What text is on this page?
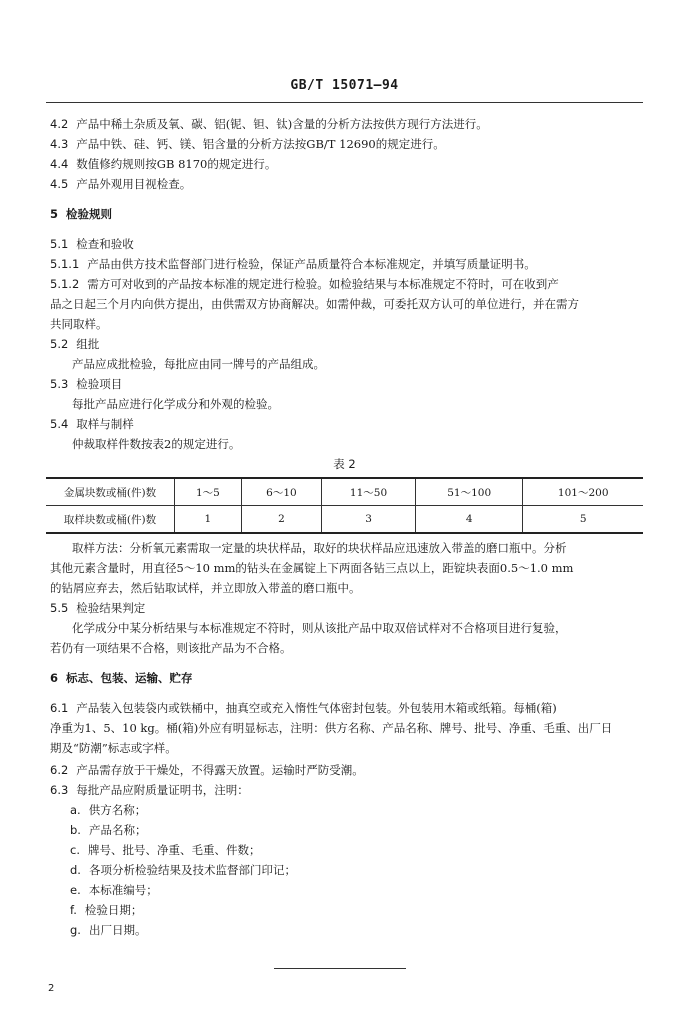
GB/T 15071—94
4.2 产品中稀土杂质及氧、碳、铝(铌、钽、钛)含量的分析方法按供方现行方法进行。
4.3 产品中铁、硅、钙、镁、铝含量的分析方法按GB/T 12690的规定进行。
4.4 数值修约规则按GB 8170的规定进行。
4.5 产品外观用目视检查。
5 检验规则
5.1 检查和验收
5.1.1 产品由供方技术监督部门进行检验，保证产品质量符合本标准规定，并填写质量证明书。
5.1.2 需方可对收到的产品按本标准的规定进行检验。如检验结果与本标准规定不符时，可在收到产
品之日起三个月内向供方提出，由供需双方协商解决。如需仲裁，可委托双方认可的单位进行，并在需方
共同取样。
5.2 组批
产品应成批检验，每批应由同一牌号的产品组成。
5.3 检验项目
每批产品应进行化学成分和外观的检验。
5.4 取样与制样
仲裁取样件数按表2的规定进行。
表 2
金属块数或桶(件)数	1～5	6～10	11～50	51～100	101～200
取样块数或桶(件)数	1	2	3	4	5
取样方法：分析氧元素需取一定量的块状样品，取好的块状样品应迅速放入带盖的磨口瓶中。分析
其他元素含量时，用直径5～10 mm的钻头在金属锭上下两面各钻三点以上，距锭块表面0.5～1.0 mm
的钻屑应弃去，然后钻取试样，并立即放入带盖的磨口瓶中。
5.5 检验结果判定
化学成分中某分析结果与本标准规定不符时，则从该批产品中取双倍试样对不合格项目进行复验，
若仍有一项结果不合格，则该批产品为不合格。
6 标志、包装、运输、贮存
6.1 产品装入包装袋内或铁桶中，抽真空或充入惰性气体密封包装。外包装用木箱或纸箱。每桶(箱)
净重为1、5、10 kg。桶(箱)外应有明显标志，注明：供方名称、产品名称、牌号、批号、净重、毛重、出厂日
期及“防潮”标志或字样。
6.2 产品需存放于干燥处，不得露天放置。运输时严防受潮。
6.3 每批产品应附质量证明书，注明：
a. 供方名称；
b. 产品名称；
c. 牌号、批号、净重、毛重、件数；
d. 各项分析检验结果及技术监督部门印记；
e. 本标准编号；
f. 检验日期；
g. 出厂日期。
2
